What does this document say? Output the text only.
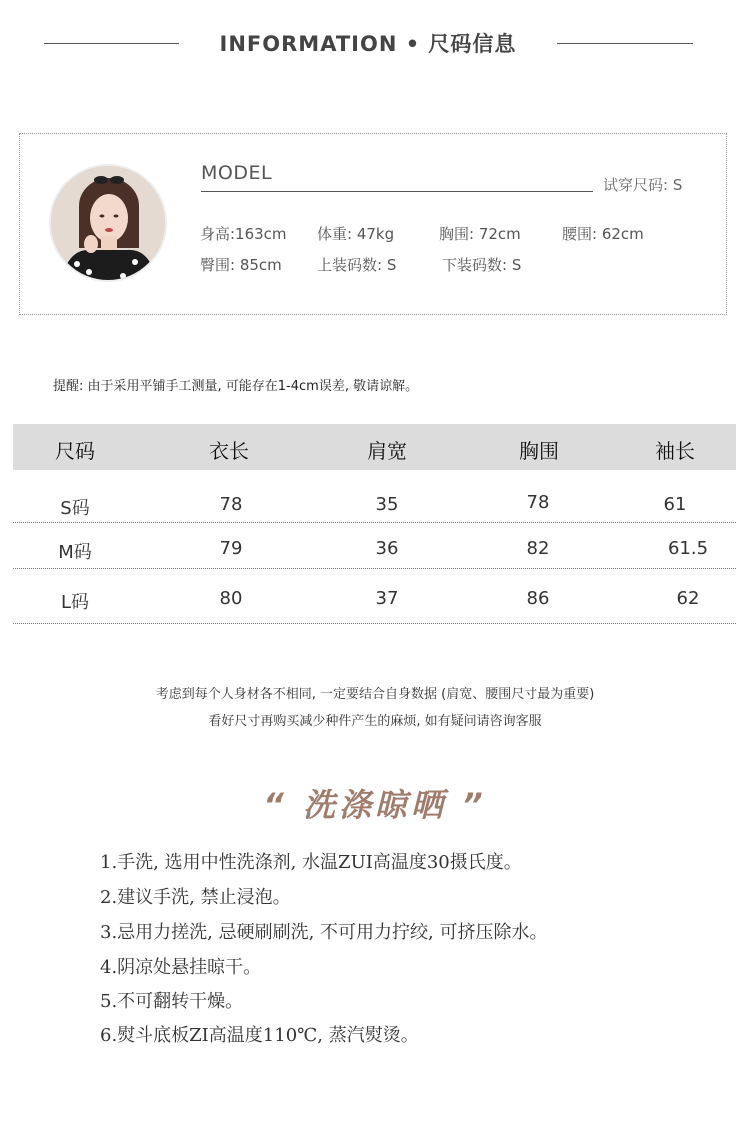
INFORMATION • 尺码信息
MODEL
试穿尺码: S
身高:163cm 体重: 47kg	胸围: 72cm	腰围: 62cm
臀围: 85cm 上装码数: S	下装码数: S
提醒: 由于采用平铺手工测量, 可能存在1-4cm误差, 敬请谅解。
尺码	衣长	肩宽	胸围	袖长
S码	78	35	78	61
M码	79	36	82	61.5
L码	80	37	86	62
考虑到每个人身材各不相同, 一定要结合自身数据 (肩宽、腰围尺寸最为重要)
看好尺寸再购买减少种件产生的麻烦, 如有疑问请咨询客服
“ 洗涤晾晒 ”
1.手洗, 选用中性洗涤剂, 水温ZUI高温度30摄氏度。
2.建议手洗, 禁止浸泡。
3.忌用力搓洗, 忌硬刷刷洗, 不可用力拧绞, 可挤压除水。
4.阴凉处悬挂晾干。
5.不可翻转干燥。
6.熨斗底板ZI高温度110℃, 蒸汽熨烫。
